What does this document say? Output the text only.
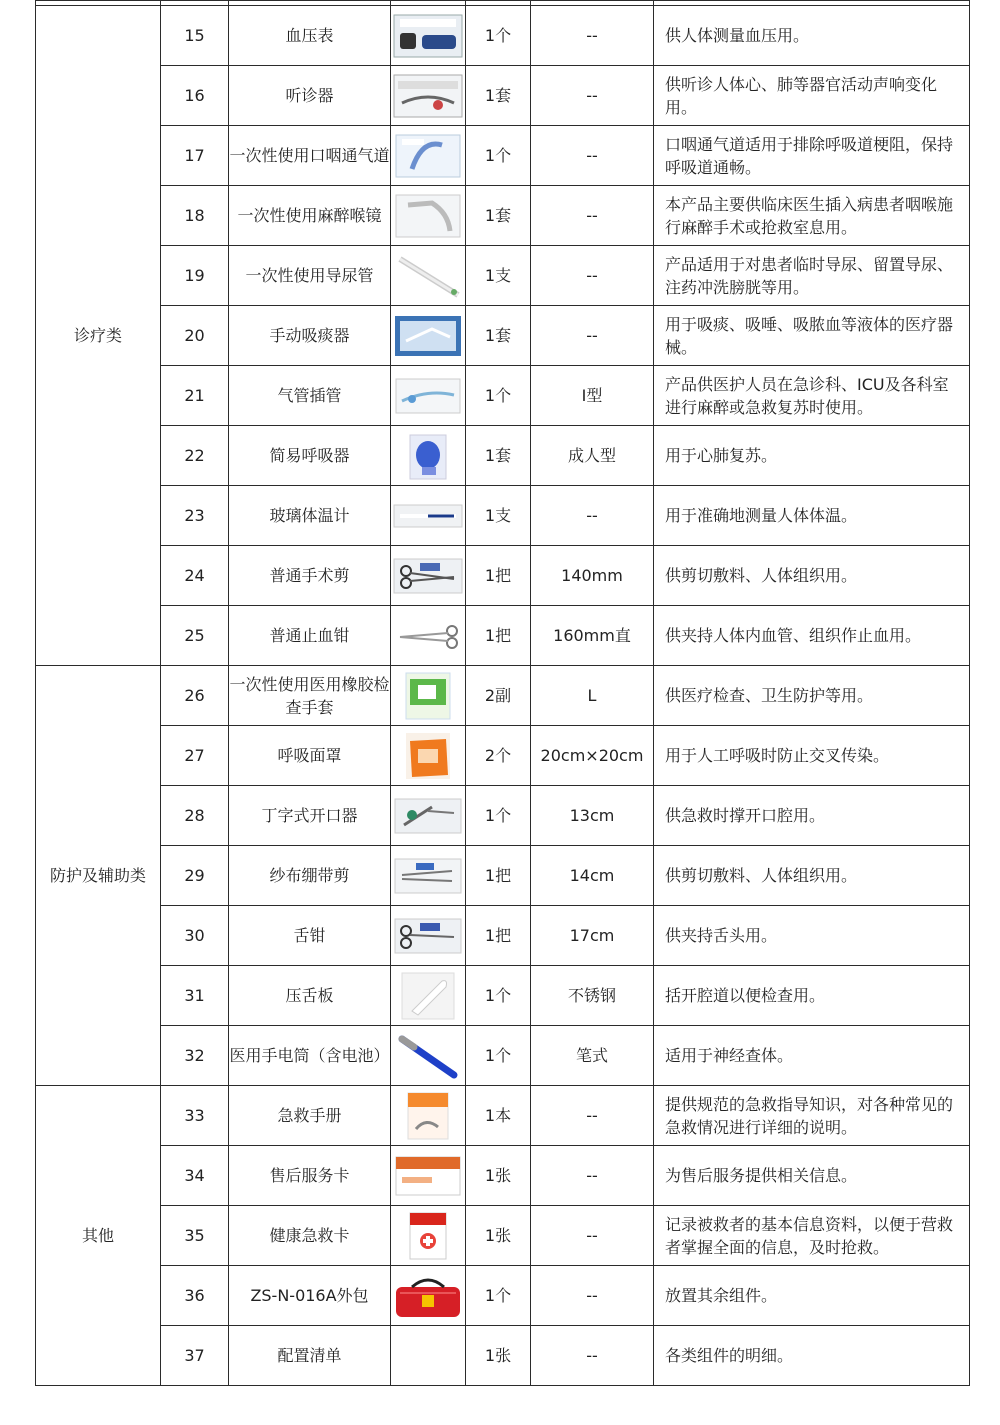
诊疗类	15	血压表		1个	--	供人体测量血压用。
	16	听诊器		1套	--	供听诊人体心、肺等器官活动声响变化用。
	17	一次性使用口咽通气道		1个	--	口咽通气道适用于排除呼吸道梗阻，保持呼吸道通畅。
	18	一次性使用麻醉喉镜		1套	--	本产品主要供临床医生插入病患者咽喉施行麻醉手术或抢救室息用。
	19	一次性使用导尿管		1支	--	产品适用于对患者临时导尿、留置导尿、注药冲洗膀胱等用。
	20	手动吸痰器		1套	--	用于吸痰、吸唾、吸脓血等液体的医疗器械。
	21	气管插管		1个	Ⅰ型	产品供医护人员在急诊科、ICU及各科室进行麻醉或急救复苏时使用。
	22	简易呼吸器		1套	成人型	用于心肺复苏。
	23	玻璃体温计		1支	--	用于准确地测量人体体温。
	24	普通手术剪		1把	140mm	供剪切敷料、人体组织用。
	25	普通止血钳		1把	160mm直	供夹持人体内血管、组织作止血用。
防护及辅助类	26	一次性使用医用橡胶检查手套		2副	L	供医疗检查、卫生防护等用。
	27	呼吸面罩		2个	20cm×20cm	用于人工呼吸时防止交叉传染。
	28	丁字式开口器		1个	13cm	供急救时撑开口腔用。
	29	纱布绷带剪		1把	14cm	供剪切敷料、人体组织用。
	30	舌钳		1把	17cm	供夹持舌头用。
	31	压舌板		1个	不锈钢	括开腔道以便检查用。
	32	医用手电筒（含电池）		1个	笔式	适用于神经查体。
其他	33	急救手册		1本	--	提供规范的急救指导知识，对各种常见的急救情况进行详细的说明。
	34	售后服务卡		1张	--	为售后服务提供相关信息。
	35	健康急救卡		1张	--	记录被救者的基本信息资料，以便于营救者掌握全面的信息，及时抢救。
	36	ZS-N-016A外包		1个	--	放置其余组件。
	37	配置清单		1张	--	各类组件的明细。
